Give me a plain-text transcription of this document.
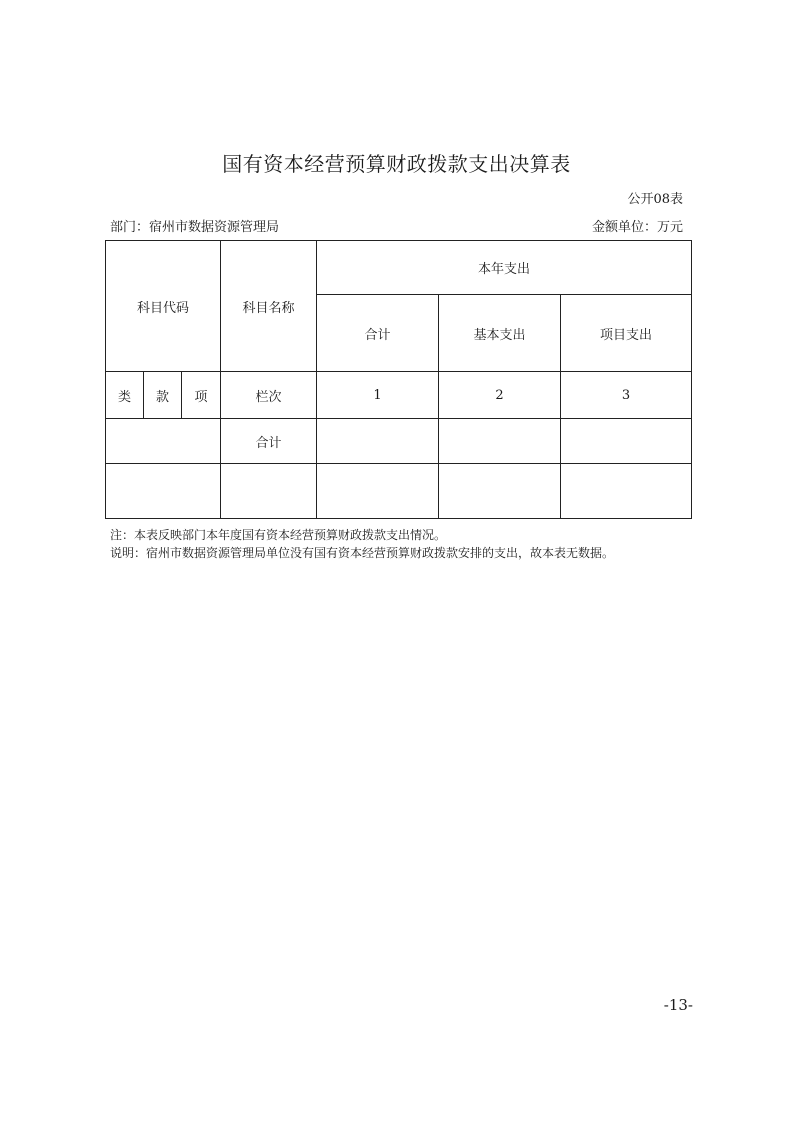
国有资本经营预算财政拨款支出决算表
公开08表
部门：宿州市数据资源管理局	金额单位：万元
科目代码			科目名称	本年支出		
				合计	基本支出	项目支出
类	款	项	栏次	1	2	3
			合计			

注：本表反映部门本年度国有资本经营预算财政拨款支出情况。
说明：宿州市数据资源管理局单位没有国有资本经营预算财政拨款安排的支出，故本表无数据。
-13-
